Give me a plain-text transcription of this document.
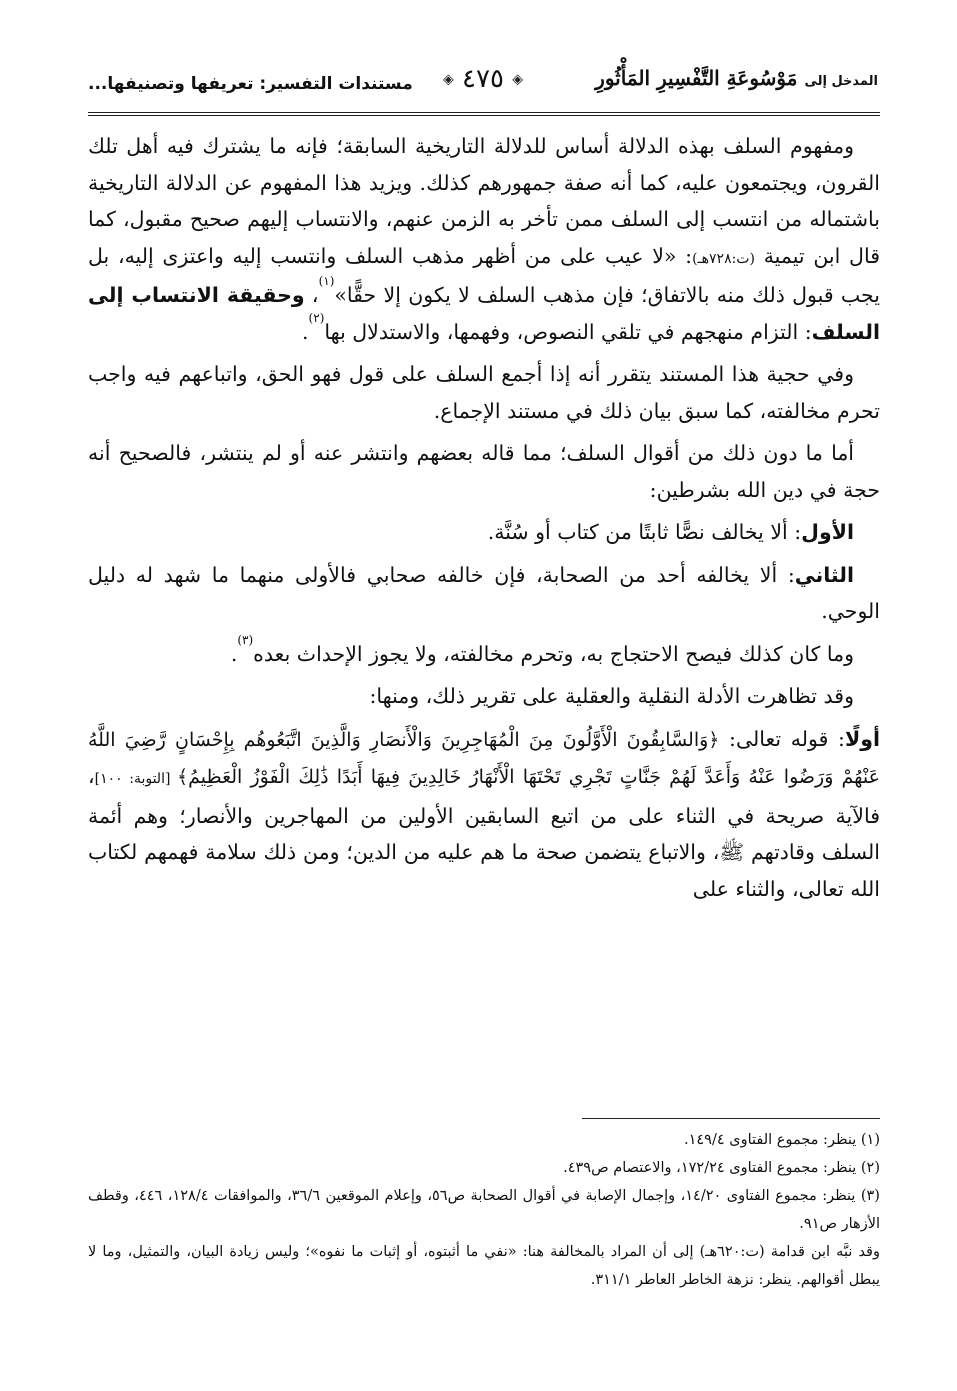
المدخل إلى مَوْسُوعَةِ التَّفْسِيرِ المَأْثُورِ
◈ ٤٧٥ ◈
مستندات التفسير: تعريفها وتصنيفها...

ومفهوم السلف بهذه الدلالة أساس للدلالة التاريخية السابقة؛ فإنه ما يشترك فيه أهل تلك القرون، ويجتمعون عليه، كما أنه صفة جمهورهم كذلك. ويزيد هذا المفهوم عن الدلالة التاريخية باشتماله من انتسب إلى السلف ممن تأخر به الزمن عنهم، والانتساب إليهم صحيح مقبول، كما قال ابن تيمية (ت:٧٢٨هـ): «لا عيب على من أظهر مذهب السلف وانتسب إليه واعتزى إليه، بل يجب قبول ذلك منه بالاتفاق؛ فإن مذهب السلف لا يكون إلا حقًّا»$^{(١)}$، وحقيقة الانتساب إلى السلف: التزام منهجهم في تلقي النصوص، وفهمها، والاستدلال بها$^{(٢)}$.

وفي حجية هذا المستند يتقرر أنه إذا أجمع السلف على قول فهو الحق، واتباعهم فيه واجب تحرم مخالفته، كما سبق بيان ذلك في مستند الإجماع.

أما ما دون ذلك من أقوال السلف؛ مما قاله بعضهم وانتشر عنه أو لم ينتشر، فالصحيح أنه حجة في دين الله بشرطين:

الأول: ألا يخالف نصًّا ثابتًا من كتاب أو سُنَّة.

الثاني: ألا يخالفه أحد من الصحابة، فإن خالفه صحابي فالأولى منهما ما شهد له دليل الوحي.

وما كان كذلك فيصح الاحتجاج به، وتحرم مخالفته، ولا يجوز الإحداث بعده$^{(٣)}$.

وقد تظاهرت الأدلة النقلية والعقلية على تقرير ذلك، ومنها:

أولًا: قوله تعالى: ﴿وَالسَّابِقُونَ الْأَوَّلُونَ مِنَ الْمُهَاجِرِينَ وَالْأَنصَارِ وَالَّذِينَ اتَّبَعُوهُم بِإِحْسَانٍ رَّضِيَ اللَّهُ عَنْهُمْ وَرَضُوا عَنْهُ وَأَعَدَّ لَهُمْ جَنَّاتٍ تَجْرِي تَحْتَهَا الْأَنْهَارُ خَالِدِينَ فِيهَا أَبَدًا ذَٰلِكَ الْفَوْزُ الْعَظِيمُ﴾ [التوبة: ١٠٠]، فالآية صريحة في الثناء على من اتبع السابقين الأولين من المهاجرين والأنصار؛ وهم أئمة السلف وقادتهم ﷺ، والاتباع يتضمن صحة ما هم عليه من الدين؛ ومن ذلك سلامة فهمهم لكتاب الله تعالى، والثناء على

(١) ينظر: مجموع الفتاوى ١٤٩/٤.

(٢) ينظر: مجموع الفتاوى ١٧٢/٢٤، والاعتصام ص٤٣٩.

(٣) ينظر: مجموع الفتاوى ١٤/٢٠، وإجمال الإصابة في أقوال الصحابة ص٥٦، وإعلام الموقعين ٣٦/٦، والموافقات ١٢٨/٤، ٤٤٦، وقطف الأزهار ص٩١.

وقد نبَّه ابن قدامة (ت:٦٢٠هـ) إلى أن المراد بالمخالفة هنا: «نفي ما أثبتوه، أو إثبات ما نفوه»؛ وليس زيادة البيان، والتمثيل، وما لا يبطل أقوالهم. ينظر: نزهة الخاطر العاطر ٣١١/١.
